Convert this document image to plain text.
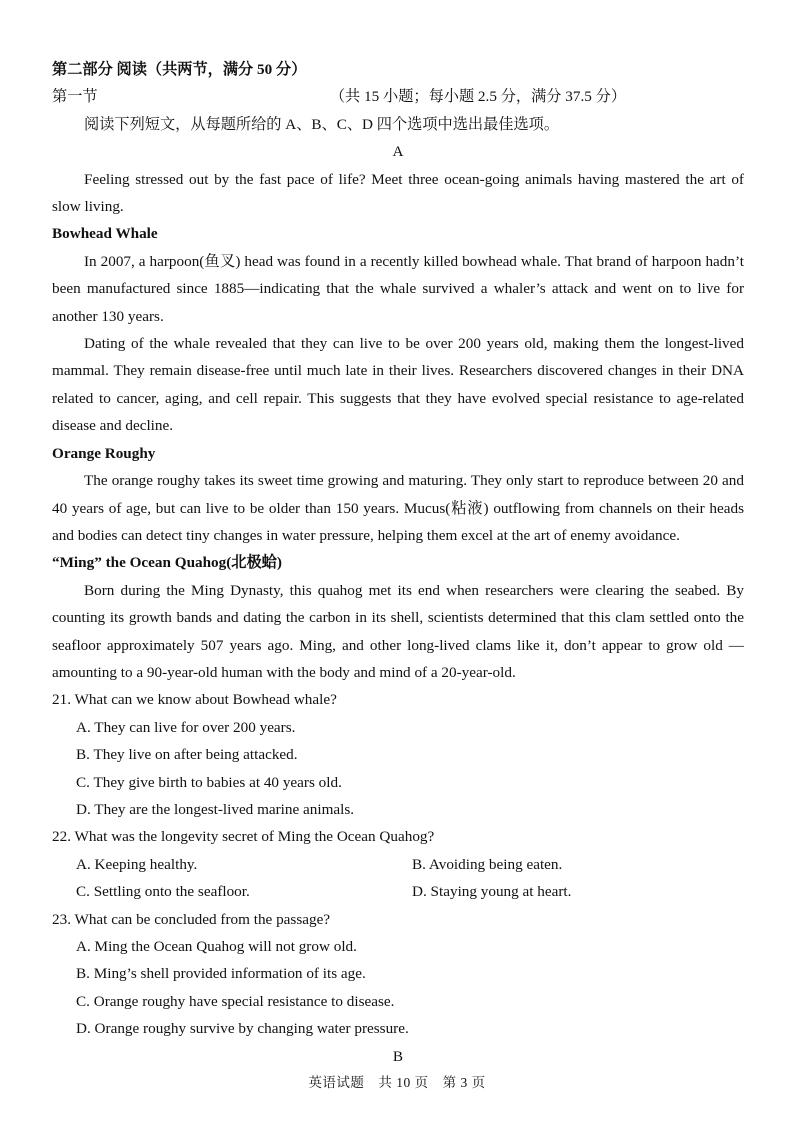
第二部分 阅读（共两节，满分 50 分）
第一节	（共 15 小题；每小题 2.5 分，满分 37.5 分）
阅读下列短文，从每题所给的 A、B、C、D 四个选项中选出最佳选项。
A
Feeling stressed out by the fast pace of life? Meet three ocean-going animals having mastered the art of slow living.
Bowhead Whale
In 2007, a harpoon(鱼叉) head was found in a recently killed bowhead whale. That brand of harpoon hadn’t been manufactured since 1885—indicating that the whale survived a whaler’s attack and went on to live for another 130 years.
Dating of the whale revealed that they can live to be over 200 years old, making them the longest-lived mammal. They remain disease-free until much late in their lives. Researchers discovered changes in their DNA related to cancer, aging, and cell repair. This suggests that they have evolved special resistance to age-related disease and decline.
Orange Roughy
The orange roughy takes its sweet time growing and maturing. They only start to reproduce between 20 and 40 years of age, but can live to be older than 150 years. Mucus(粘液) outflowing from channels on their heads and bodies can detect tiny changes in water pressure, helping them excel at the art of enemy avoidance.
“Ming” the Ocean Quahog(北极蛤)
Born during the Ming Dynasty, this quahog met its end when researchers were clearing the seabed. By counting its growth bands and dating the carbon in its shell, scientists determined that this clam settled onto the seafloor approximately 507 years ago. Ming, and other long-lived clams like it, don’t appear to grow old —amounting to a 90-year-old human with the body and mind of a 20-year-old.
21. What can we know about Bowhead whale?
A. They can live for over 200 years.
B. They live on after being attacked.
C. They give birth to babies at 40 years old.
D. They are the longest-lived marine animals.
22. What was the longevity secret of Ming the Ocean Quahog?
A. Keeping healthy.	B. Avoiding being eaten.
C. Settling onto the seafloor.	D. Staying young at heart.
23. What can be concluded from the passage?
A. Ming the Ocean Quahog will not grow old.
B. Ming’s shell provided information of its age.
C. Orange roughy have special resistance to disease.
D. Orange roughy survive by changing water pressure.
B
英语试题　共 10 页　第 3 页
